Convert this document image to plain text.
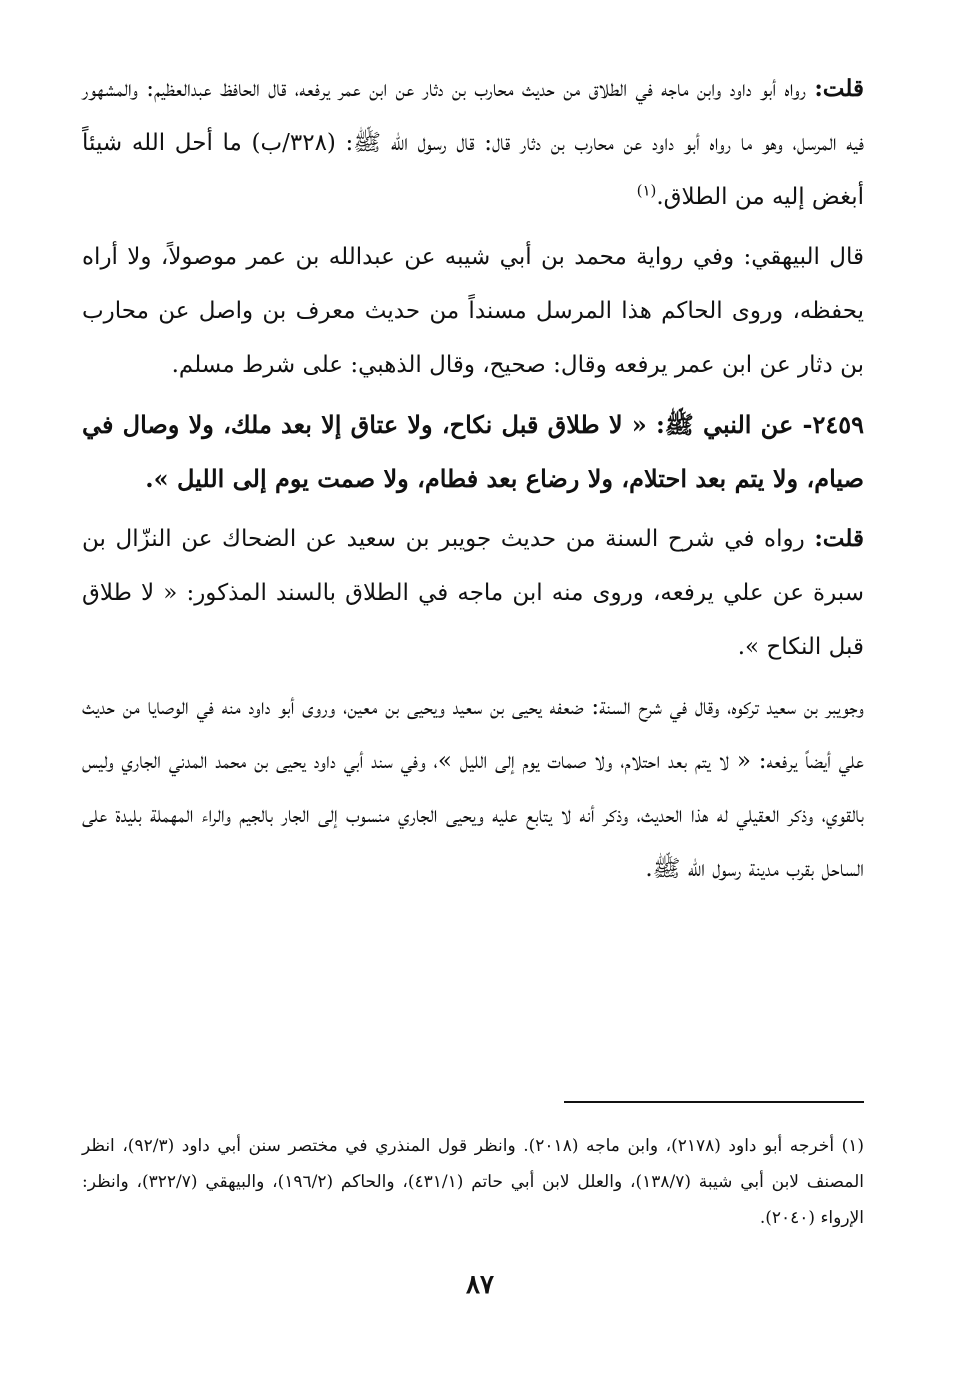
قلت: رواه أبو داود وابن ماجه في الطلاق من حديث محارب بن دثار عن ابن عمر يرفعه، قال الحافظ عبدالعظيم: والمشهور فيه المرسل، وهو ما رواه أبو داود عن محارب بن دثار قال: قال رسول الله ﷺ: (٣٢٨/ب) ما أحل الله شيئاً أبغض إليه من الطلاق.$^{(١)}$

قال البيهقي: وفي رواية محمد بن أبي شيبه عن عبدالله بن عمر موصولاً، ولا أراه يحفظه، وروى الحاكم هذا المرسل مسنداً من حديث معرف بن واصل عن محارب بن دثار عن ابن عمر يرفعه وقال: صحيح، وقال الذهبي: على شرط مسلم.

٢٤٥٩- عن النبي ﷺ: « لا طلاق قبل نكاح، ولا عتاق إلا بعد ملك، ولا وصال في صيام، ولا يتم بعد احتلام، ولا رضاع بعد فطام، ولا صمت يوم إلى الليل ».

قلت: رواه في شرح السنة من حديث جويبر بن سعيد عن الضحاك عن النزّال بن سبرة عن علي يرفعه، وروى منه ابن ماجه في الطلاق بالسند المذكور: « لا طلاق قبل النكاح ».

وجويبر بن سعيد تركوه، وقال في شرح السنة: ضعفه يحيى بن سعيد ويحيى بن معين، وروى أبو داود منه في الوصايا من حديث علي أيضاً يرفعه: « لا يتم بعد احتلام، ولا صمات يوم إلى الليل »، وفي سند أبي داود يحيى بن محمد المدني الجاري وليس بالقوي، وذكر العقيلي له هذا الحديث، وذكر أنه لا يتابع عليه ويحيى الجاري منسوب إلى الجار بالجيم والراء المهملة بليدة على الساحل بقرب مدينة رسول الله ﷺ.

(١) أخرجه أبو داود (٢١٧٨)، وابن ماجه (٢٠١٨). وانظر قول المنذري في مختصر سنن أبي داود (٩٢/٣)، انظر المصنف لابن أبي شيبة (١٣٨/٧)، والعلل لابن أبي حاتم (٤٣١/١)، والحاكم (١٩٦/٢)، والبيهقي (٣٢٢/٧)، وانظر: الإرواء (٢٠٤٠).
٨٧
